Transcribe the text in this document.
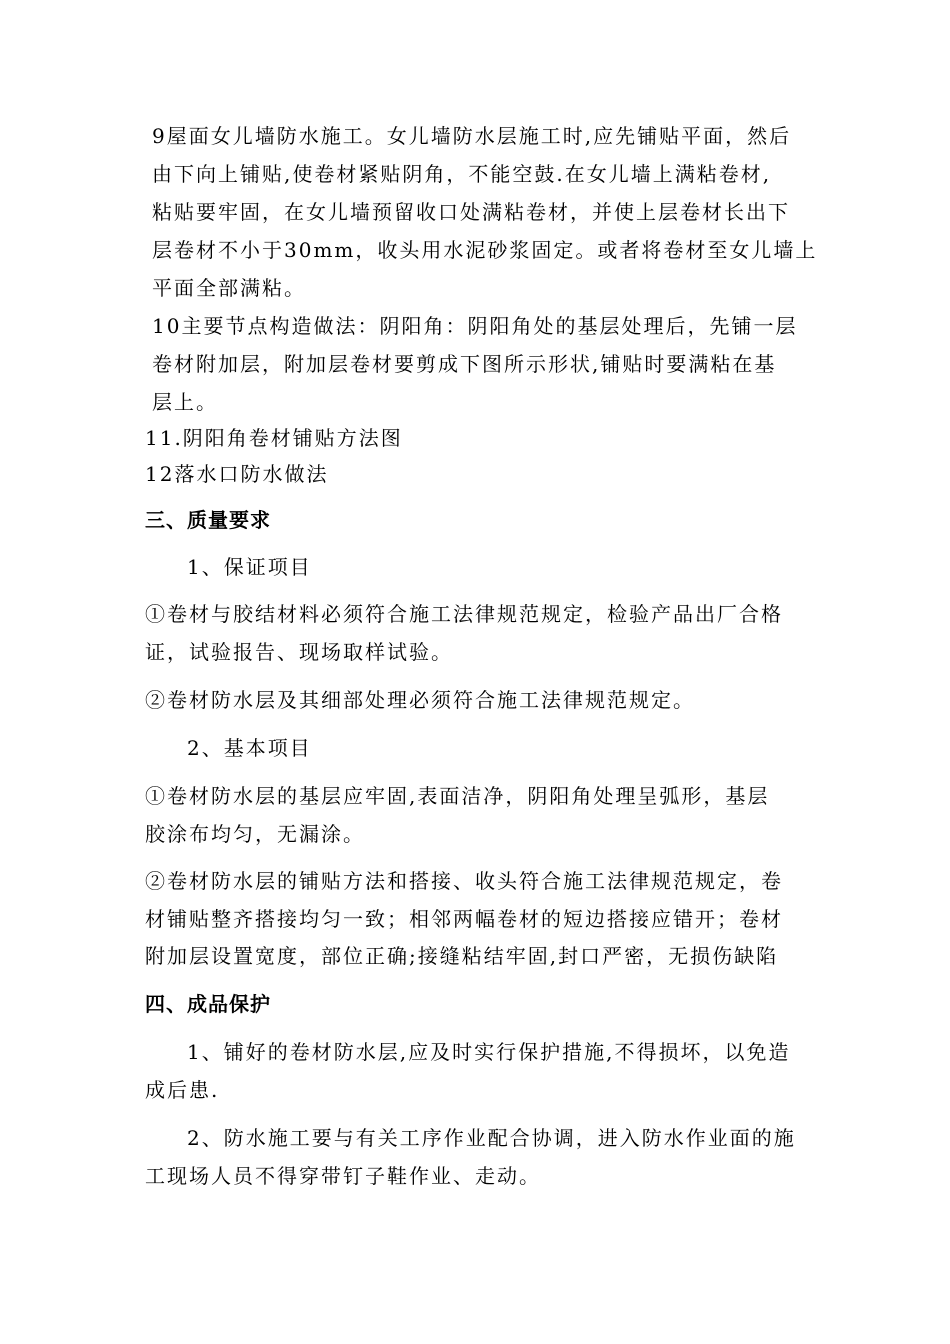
9屋面女儿墙防水施工。女儿墙防水层施工时,应先铺贴平面，然后
由下向上铺贴,使卷材紧贴阴角，不能空鼓.在女儿墙上满粘卷材,
粘贴要牢固，在女儿墙预留收口处满粘卷材，并使上层卷材长出下
层卷材不小于30mm，收头用水泥砂浆固定。或者将卷材至女儿墙上
平面全部满粘。
10主要节点构造做法：阴阳角：阴阳角处的基层处理后，先铺一层
卷材附加层，附加层卷材要剪成下图所示形状,铺贴时要满粘在基
层上。
11.阴阳角卷材铺贴方法图
12落水口防水做法
三、质量要求
1、保证项目
①卷材与胶结材料必须符合施工法律规范规定，检验产品出厂合格
证，试验报告、现场取样试验。
②卷材防水层及其细部处理必须符合施工法律规范规定。
2、基本项目
①卷材防水层的基层应牢固,表面洁净，阴阳角处理呈弧形，基层
胶涂布均匀，无漏涂。
②卷材防水层的铺贴方法和搭接、收头符合施工法律规范规定，卷
材铺贴整齐搭接均匀一致；相邻两幅卷材的短边搭接应错开；卷材
附加层设置宽度，部位正确;接缝粘结牢固,封口严密，无损伤缺陷
四、成品保护
1、铺好的卷材防水层,应及时实行保护措施,不得损坏，以免造
成后患.
2、防水施工要与有关工序作业配合协调，进入防水作业面的施
工现场人员不得穿带钉子鞋作业、走动。
